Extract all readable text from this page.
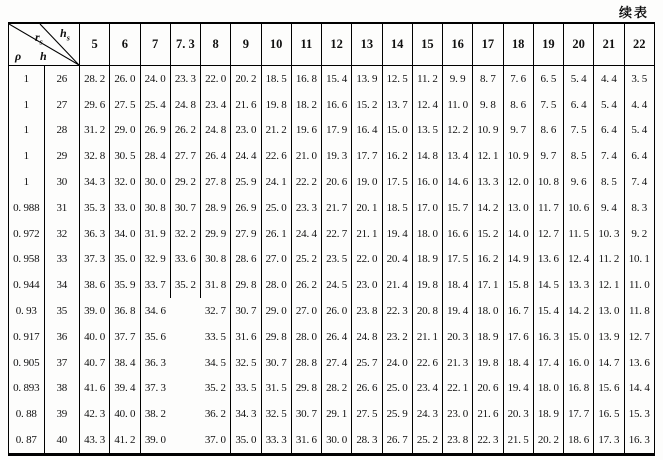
续表
$r_s$
$h_s$
ρ h		5	6	7	7. 3	8	9	10	11	12	13	14	15	16	17	18	19	20	21	22
1	26	28. 2	26. 0	24. 0	23. 3	22. 0	20. 2	18. 5	16. 8	15. 4	13. 9	12. 5	11. 2	9. 9	8. 7	7. 6	6. 5	5. 4	4. 4	3. 5
1	27	29. 6	27. 5	25. 4	24. 8	23. 4	21. 6	19. 8	18. 2	16. 6	15. 2	13. 7	12. 4	11. 0	9. 8	8. 6	7. 5	6. 4	5. 4	4. 4
1	28	31. 2	29. 0	26. 9	26. 2	24. 8	23. 0	21. 2	19. 6	17. 9	16. 4	15. 0	13. 5	12. 2	10. 9	9. 7	8. 6	7. 5	6. 4	5. 4
1	29	32. 8	30. 5	28. 4	27. 7	26. 4	24. 4	22. 6	21. 0	19. 3	17. 7	16. 2	14. 8	13. 4	12. 1	10. 9	9. 7	8. 5	7. 4	6. 4
1	30	34. 3	32. 0	30. 0	29. 2	27. 8	25. 9	24. 1	22. 2	20. 6	19. 0	17. 5	16. 0	14. 6	13. 3	12. 0	10. 8	9. 6	8. 5	7. 4
0. 988	31	35. 3	33. 0	30. 8	30. 7	28. 9	26. 9	25. 0	23. 3	21. 7	20. 1	18. 5	17. 0	15. 7	14. 2	13. 0	11. 7	10. 6	9. 4	8. 3
0. 972	32	36. 3	34. 0	31. 9	32. 2	29. 9	27. 9	26. 1	24. 4	22. 7	21. 1	19. 4	18. 0	16. 6	15. 2	14. 0	12. 7	11. 5	10. 3	9. 2
0. 958	33	37. 3	35. 0	32. 9	33. 6	30. 8	28. 6	27. 0	25. 2	23. 5	22. 0	20. 4	18. 9	17. 5	16. 2	14. 9	13. 6	12. 4	11. 2	10. 1
0. 944	34	38. 6	35. 9	33. 7	35. 2	31. 8	29. 8	28. 0	26. 2	24. 5	23. 0	21. 4	19. 8	18. 4	17. 1	15. 8	14. 5	13. 3	12. 1	11. 0
0. 93	35	39. 0	36. 8	34. 6		32. 7	30. 7	29. 0	27. 0	26. 0	23. 8	22. 3	20. 8	19. 4	18. 0	16. 7	15. 4	14. 2	13. 0	11. 8
0. 917	36	40. 0	37. 7	35. 6		33. 5	31. 6	29. 8	28. 0	26. 4	24. 8	23. 2	21. 1	20. 3	18. 9	17. 6	16. 3	15. 0	13. 9	12. 7
0. 905	37	40. 7	38. 4	36. 3		34. 5	32. 5	30. 7	28. 8	27. 4	25. 7	24. 0	22. 6	21. 3	19. 8	18. 4	17. 4	16. 0	14. 7	13. 6
0. 893	38	41. 6	39. 4	37. 3		35. 2	33. 5	31. 5	29. 8	28. 2	26. 6	25. 0	23. 4	22. 1	20. 6	19. 4	18. 0	16. 8	15. 6	14. 4
0. 88	39	42. 3	40. 0	38. 2		36. 2	34. 3	32. 5	30. 7	29. 1	27. 5	25. 9	24. 3	23. 0	21. 6	20. 3	18. 9	17. 7	16. 5	15. 3
0. 87	40	43. 3	41. 2	39. 0		37. 0	35. 0	33. 3	31. 6	30. 0	28. 3	26. 7	25. 2	23. 8	22. 3	21. 5	20. 2	18. 6	17. 3	16. 3
